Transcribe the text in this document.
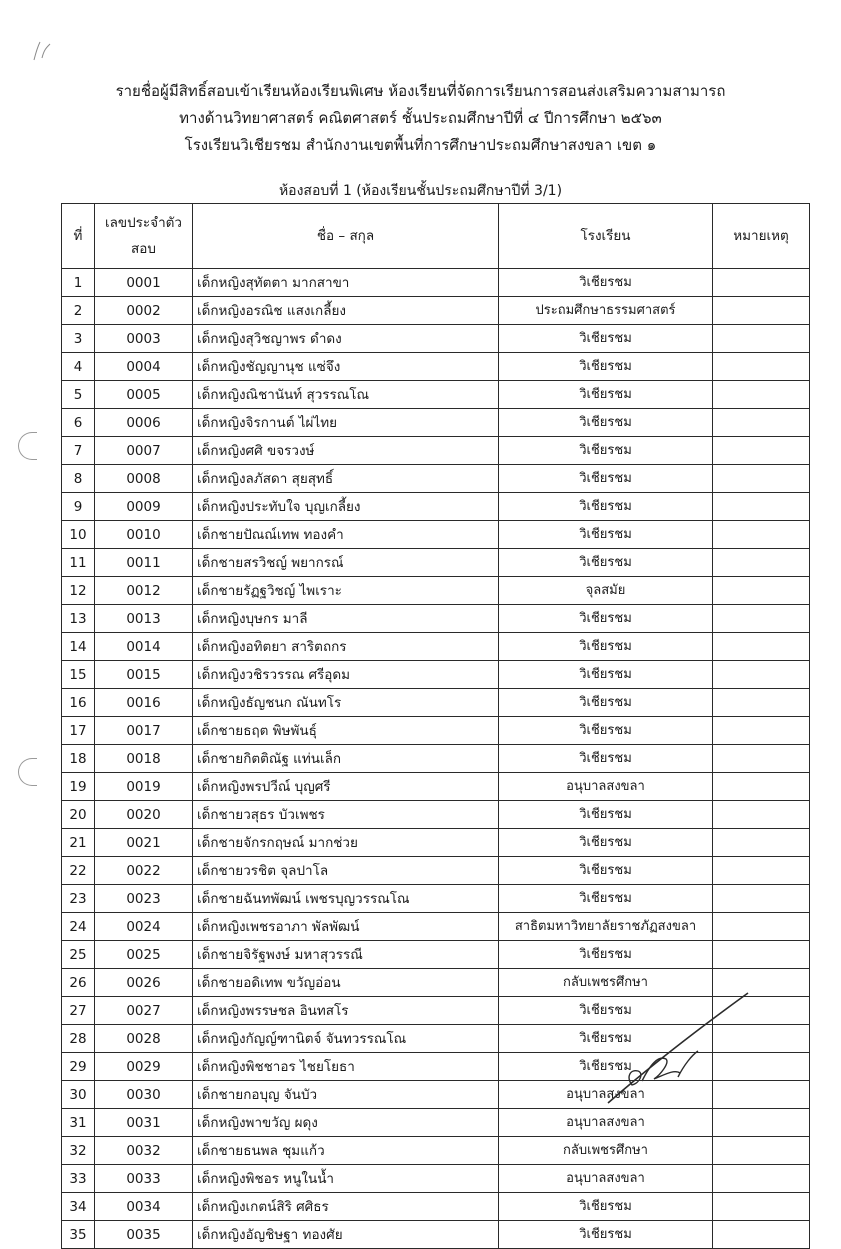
รายชื่อผู้มีสิทธิ์สอบเข้าเรียนห้องเรียนพิเศษ ห้องเรียนที่จัดการเรียนการสอนส่งเสริมความสามารถ
ทางด้านวิทยาศาสตร์ คณิตศาสตร์ ชั้นประถมศึกษาปีที่ ๔ ปีการศึกษา ๒๕๖๓
โรงเรียนวิเชียรชม สำนักงานเขตพื้นที่การศึกษาประถมศึกษาสงขลา เขต ๑
ห้องสอบที่ 1 (ห้องเรียนชั้นประถมศึกษาปีที่ 3/1)
ที่	เลขประจำตัวสอบ	ชื่อ – สกุล	โรงเรียน	หมายเหตุ
1	0001	เด็กหญิงสุทัตตา มากสาขา	วิเชียรชม	
2	0002	เด็กหญิงอรณิช แสงเกลี้ยง	ประถมศึกษาธรรมศาสตร์	
3	0003	เด็กหญิงสุวิชญาพร ดำดง	วิเชียรชม	
4	0004	เด็กหญิงชัญญานุช แซ่จึง	วิเชียรชม	
5	0005	เด็กหญิงณิชานันท์ สุวรรณโณ	วิเชียรชม	
6	0006	เด็กหญิงจิรกานต์ ไผ่ไทย	วิเชียรชม	
7	0007	เด็กหญิงศศิ ขจรวงษ์	วิเชียรชม	
8	0008	เด็กหญิงลภัสดา สุยสุทธิ์	วิเชียรชม	
9	0009	เด็กหญิงประทับใจ บุญเกลี้ยง	วิเชียรชม	
10	0010	เด็กชายปัณณ์เทพ ทองคำ	วิเชียรชม	
11	0011	เด็กชายสรวิชญ์ พยากรณ์	วิเชียรชม	
12	0012	เด็กชายรัฏฐวิชญ์ ไพเราะ	จุลสมัย	
13	0013	เด็กหญิงบุษกร มาลี	วิเชียรชม	
14	0014	เด็กหญิงอทิตยา สาริตถกร	วิเชียรชม	
15	0015	เด็กหญิงวชิรวรรณ ศรีอุดม	วิเชียรชม	
16	0016	เด็กหญิงธัญชนก ณันทโร	วิเชียรชม	
17	0017	เด็กชายธฤต พิษพันธุ์	วิเชียรชม	
18	0018	เด็กชายกิตติณัฐ แท่นเล็ก	วิเชียรชม	
19	0019	เด็กหญิงพรปวีณ์ บุญศรี	อนุบาลสงขลา	
20	0020	เด็กชายวสุธร บัวเพชร	วิเชียรชม	
21	0021	เด็กชายจักรกฤษณ์ มากช่วย	วิเชียรชม	
22	0022	เด็กชายวรชิต จุลปาโล	วิเชียรชม	
23	0023	เด็กชายฉันทพัฒน์ เพชรบุญวรรณโณ	วิเชียรชม	
24	0024	เด็กหญิงเพชรอาภา พัลพัฒน์	สาธิตมหาวิทยาลัยราชภัฏสงขลา	
25	0025	เด็กชายจิรัฐพงษ์ มหาสุวรรณี	วิเชียรชม	
26	0026	เด็กชายอดิเทพ ขวัญอ่อน	กลับเพชรศึกษา	
27	0027	เด็กหญิงพรรษชล อินทสโร	วิเชียรชม	
28	0028	เด็กหญิงกัญญ์ฑานิตจ์ จันทวรรณโณ	วิเชียรชม	
29	0029	เด็กหญิงพิชชาอร ไชยโยธา	วิเชียรชม	
30	0030	เด็กชายกอบุญ จันบัว	อนุบาลสงขลา	
31	0031	เด็กหญิงพาขวัญ ผดุง	อนุบาลสงขลา	
32	0032	เด็กชายธนพล ชุมแก้ว	กลับเพชรศึกษา	
33	0033	เด็กหญิงพิชอร หนูในน้ำ	อนุบาลสงขลา	
34	0034	เด็กหญิงเกตน์สิริ ศศิธร	วิเชียรชม	
35	0035	เด็กหญิงอัญชิษฐา ทองศัย	วิเชียรชม	
